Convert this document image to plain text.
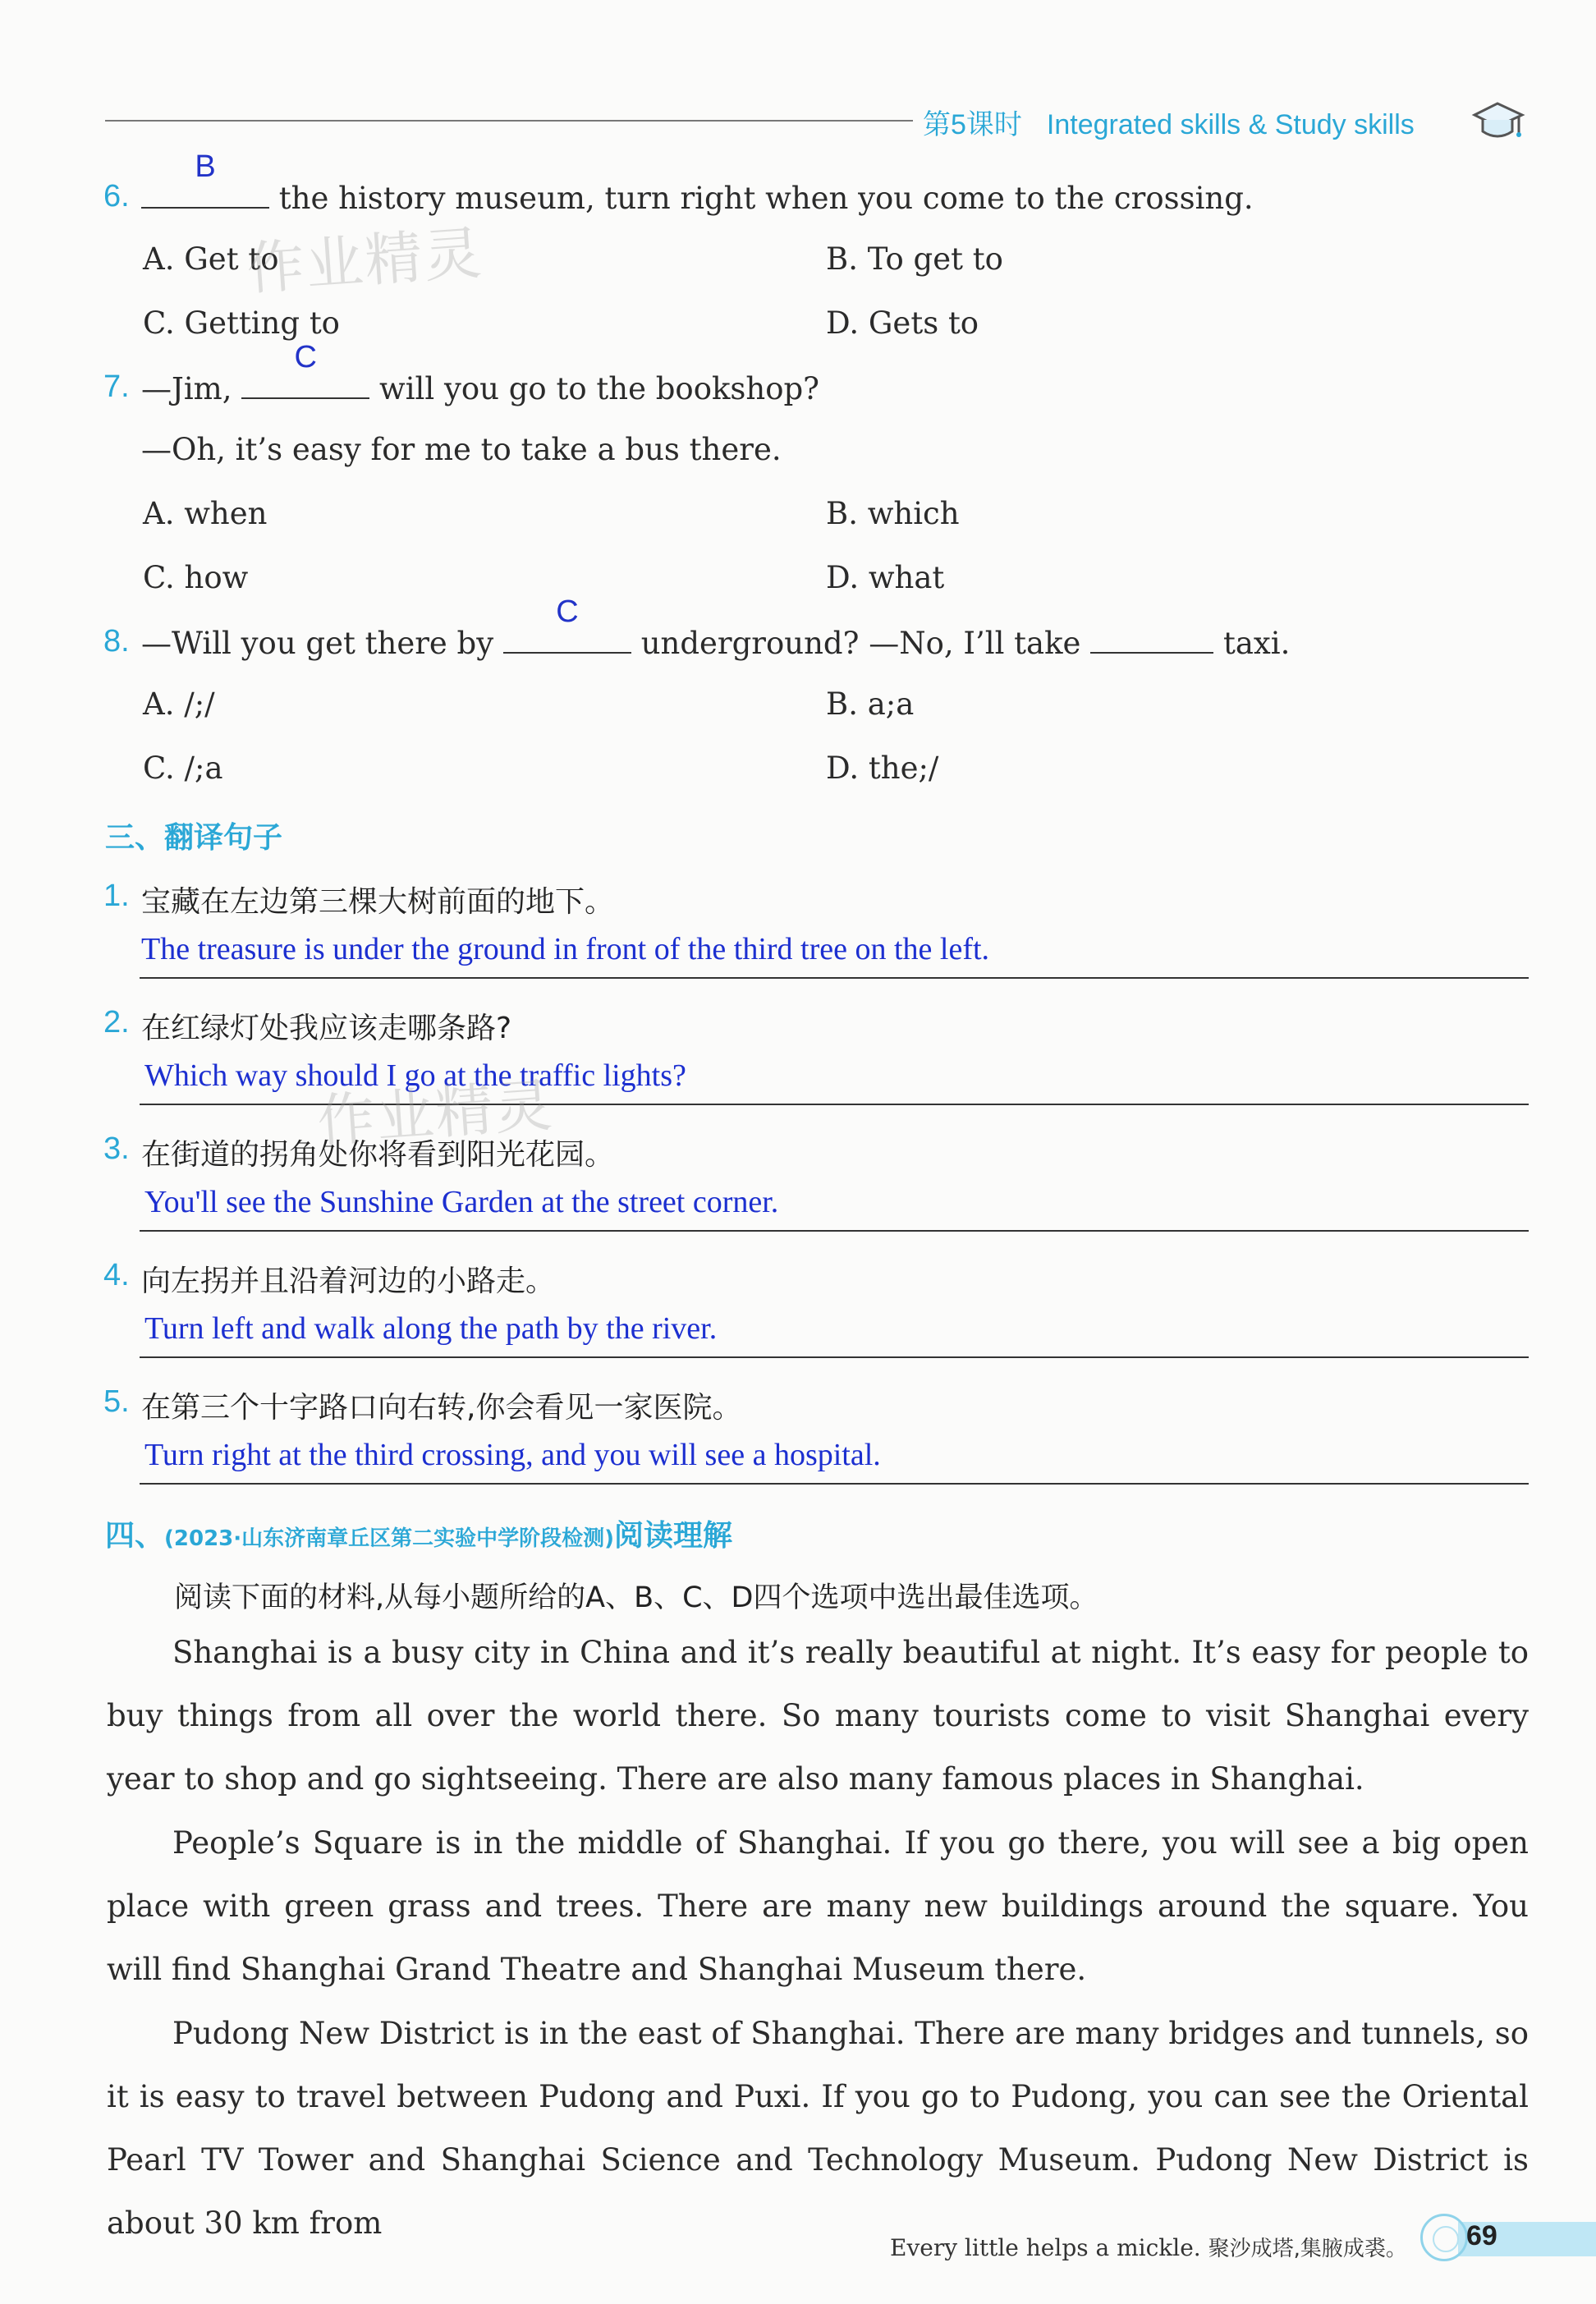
第5课时 Integrated skills & Study skills
6.
B
the history museum, turn right when you come to the crossing.
A. Get to	B. To get to
C. Getting to	D. Gets to
7. —Jim,
C
will you go to the bookshop?
—Oh, it’s easy for me to take a bus there.
A. when	B. which
C. how	D. what
8. —Will you get there by
C
underground? —No, I’ll take	taxi.
A. /;/	B. a;a
C. /;a	D. the;/
三、翻译句子
1. 宝藏在左边第三棵大树前面的地下。
The treasure is under the ground in front of the third tree on the left.
2. 在红绿灯处我应该走哪条路?
Which way should I go at the traffic lights?
3. 在街道的拐角处你将看到阳光花园。
You'll see the Sunshine Garden at the street corner.
4. 向左拐并且沿着河边的小路走。
Turn left and walk along the path by the river.
5. 在第三个十字路口向右转,你会看见一家医院。
Turn right at the third crossing, and you will see a hospital.
四、(2023·山东济南章丘区第二实验中学阶段检测)阅读理解
阅读下面的材料,从每小题所给的A、B、C、D四个选项中选出最佳选项。
Shanghai is a busy city in China and it’s really beautiful at night. It’s easy for people to buy things from all over the world there. So many tourists come to visit Shanghai every year to shop and go sightseeing. There are also many famous places in Shanghai.
People’s Square is in the middle of Shanghai. If you go there, you will see a big open place with green grass and trees. There are many new buildings around the square. You will find Shanghai Grand Theatre and Shanghai Museum there.
Pudong New District is in the east of Shanghai. There are many bridges and tunnels, so it is easy to travel between Pudong and Puxi. If you go to Pudong, you can see the Oriental Pearl TV Tower and Shanghai Science and Technology Museum. Pudong New District is about 30 km from
Every little helps a mickle. 聚沙成塔,集腋成裘。 69
作业精灵
作业精灵
